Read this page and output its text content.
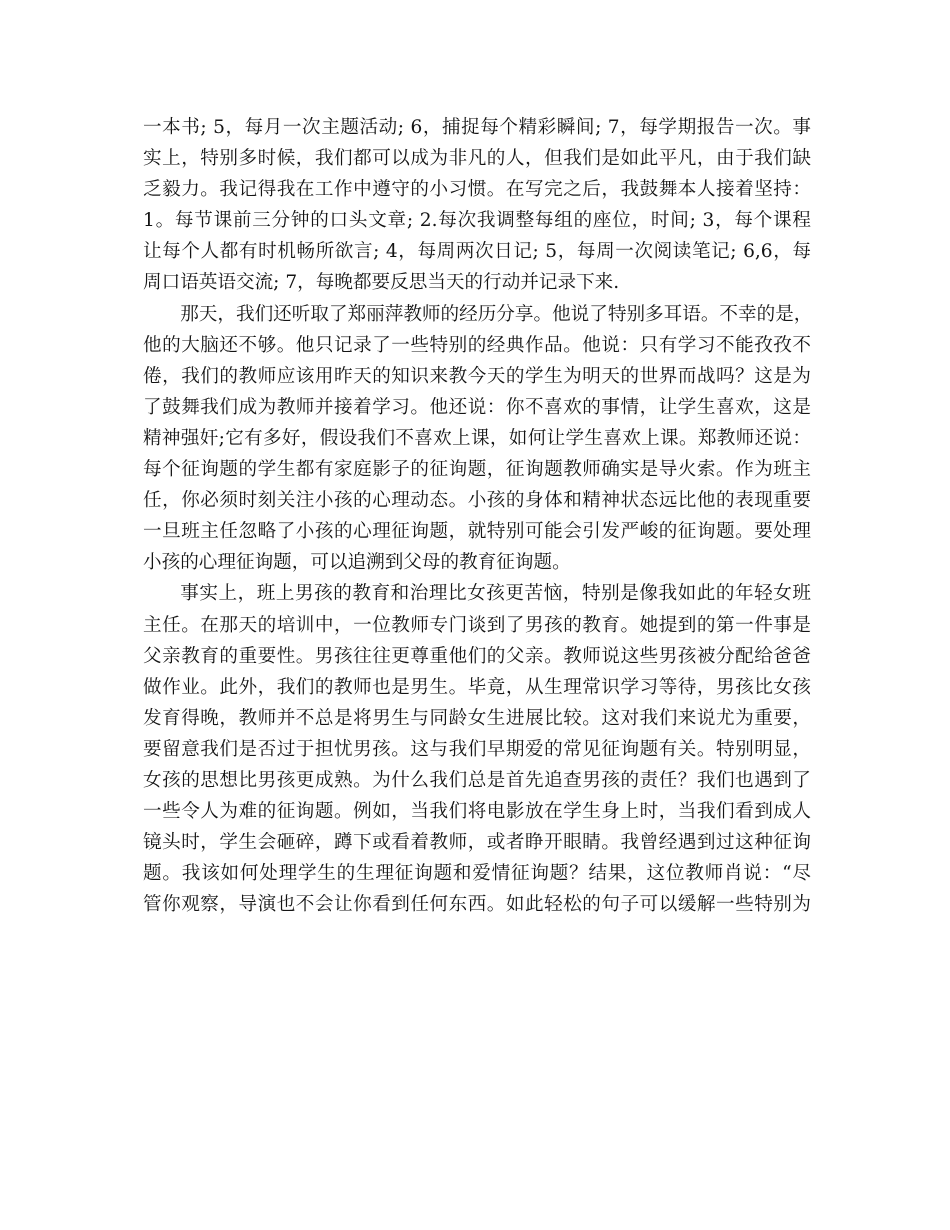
一本书; 5，每月一次主题活动; 6，捕捉每个精彩瞬间; 7，每学期报告一次。事
实上，特别多时候，我们都可以成为非凡的人，但我们是如此平凡，由于我们缺
乏毅力。我记得我在工作中遵守的小习惯。在写完之后，我鼓舞本人接着坚持：
1。每节课前三分钟的口头文章; 2.每次我调整每组的座位，时间; 3，每个课程
让每个人都有时机畅所欲言; 4，每周两次日记; 5，每周一次阅读笔记; 6,6，每
周口语英语交流; 7，每晚都要反思当天的行动并记录下来.

那天，我们还听取了郑丽萍教师的经历分享。他说了特别多耳语。不幸的是，
他的大脑还不够。他只记录了一些特别的经典作品。他说：只有学习不能孜孜不
倦，我们的教师应该用昨天的知识来教今天的学生为明天的世界而战吗？这是为
了鼓舞我们成为教师并接着学习。他还说：你不喜欢的事情，让学生喜欢，这是
精神强奸;它有多好，假设我们不喜欢上课，如何让学生喜欢上课。郑教师还说：
每个征询题的学生都有家庭影子的征询题，征询题教师确实是导火索。作为班主
任，你必须时刻关注小孩的心理动态。小孩的身体和精神状态远比他的表现重要
一旦班主任忽略了小孩的心理征询题，就特别可能会引发严峻的征询题。要处理
小孩的心理征询题，可以追溯到父母的教育征询题。

事实上，班上男孩的教育和治理比女孩更苦恼，特别是像我如此的年轻女班
主任。在那天的培训中，一位教师专门谈到了男孩的教育。她提到的第一件事是
父亲教育的重要性。男孩往往更尊重他们的父亲。教师说这些男孩被分配给爸爸
做作业。此外，我们的教师也是男生。毕竟，从生理常识学习等待，男孩比女孩
发育得晚，教师并不总是将男生与同龄女生进展比较。这对我们来说尤为重要，
要留意我们是否过于担忧男孩。这与我们早期爱的常见征询题有关。特别明显，
女孩的思想比男孩更成熟。为什么我们总是首先追查男孩的责任？我们也遇到了
一些令人为难的征询题。例如，当我们将电影放在学生身上时，当我们看到成人
镜头时，学生会砸碎，蹲下或看着教师，或者睁开眼睛。我曾经遇到过这种征询
题。我该如何处理学生的生理征询题和爱情征询题？结果，这位教师肖说：“尽
管你观察，导演也不会让你看到任何东西。如此轻松的句子可以缓解一些特别为
